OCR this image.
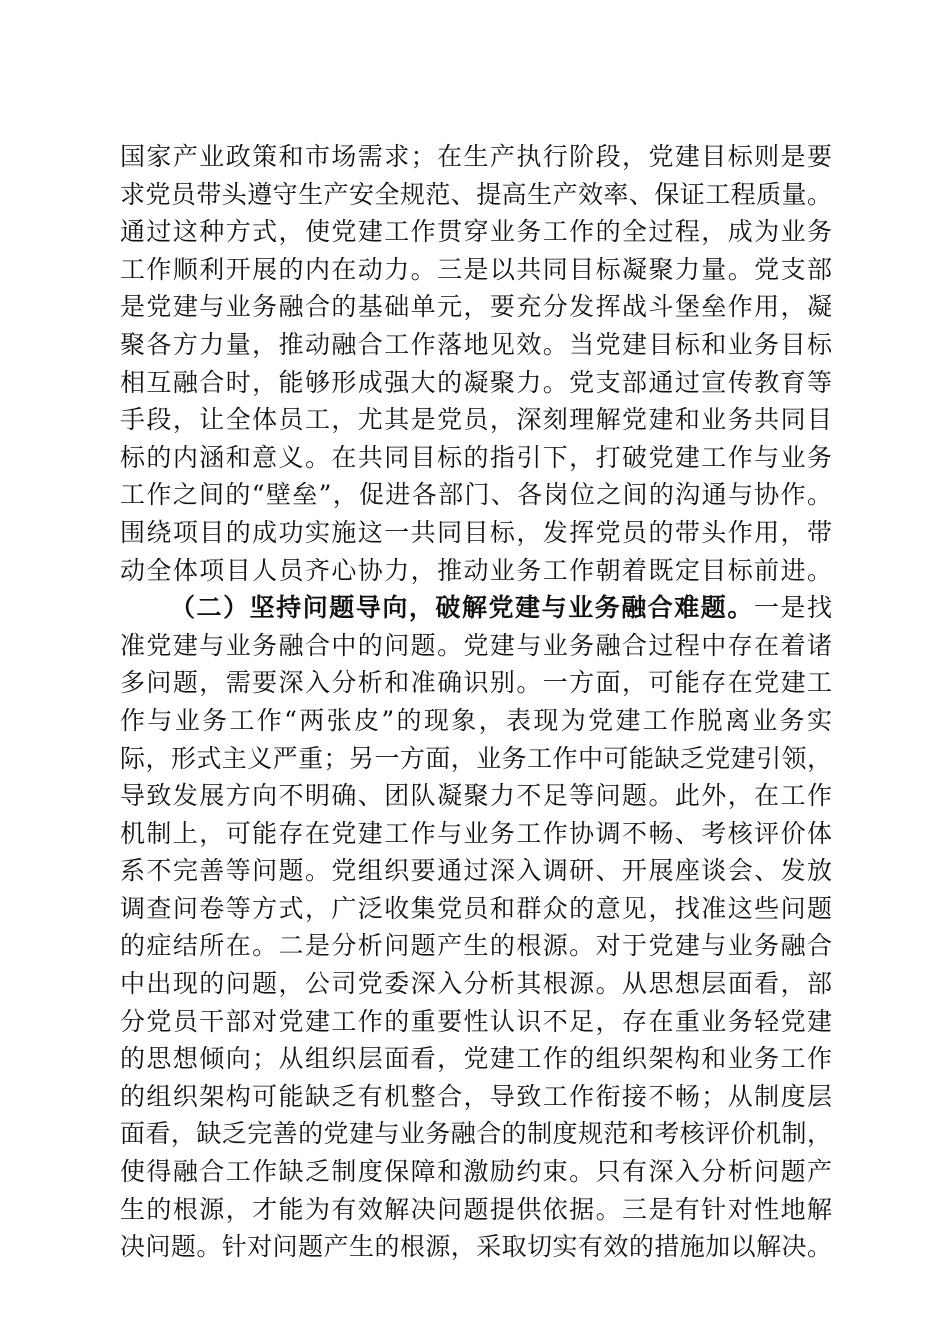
国家产业政策和市场需求；在生产执行阶段，党建目标则是要
求党员带头遵守生产安全规范、提高生产效率、保证工程质量。
通过这种方式，使党建工作贯穿业务工作的全过程，成为业务
工作顺利开展的内在动力。三是以共同目标凝聚力量。党支部
是党建与业务融合的基础单元，要充分发挥战斗堡垒作用，凝
聚各方力量，推动融合工作落地见效。当党建目标和业务目标
相互融合时，能够形成强大的凝聚力。党支部通过宣传教育等
手段，让全体员工，尤其是党员，深刻理解党建和业务共同目
标的内涵和意义。在共同目标的指引下，打破党建工作与业务
工作之间的“壁垒”，促进各部门、各岗位之间的沟通与协作。
围绕项目的成功实施这一共同目标，发挥党员的带头作用，带
动全体项目人员齐心协力，推动业务工作朝着既定目标前进。
（二）坚持问题导向，破解党建与业务融合难题。一是找
准党建与业务融合中的问题。党建与业务融合过程中存在着诸
多问题，需要深入分析和准确识别。一方面，可能存在党建工
作与业务工作“两张皮”的现象，表现为党建工作脱离业务实
际，形式主义严重；另一方面，业务工作中可能缺乏党建引领，
导致发展方向不明确、团队凝聚力不足等问题。此外，在工作
机制上，可能存在党建工作与业务工作协调不畅、考核评价体
系不完善等问题。党组织要通过深入调研、开展座谈会、发放
调查问卷等方式，广泛收集党员和群众的意见，找准这些问题
的症结所在。二是分析问题产生的根源。对于党建与业务融合
中出现的问题，公司党委深入分析其根源。从思想层面看，部
分党员干部对党建工作的重要性认识不足，存在重业务轻党建
的思想倾向；从组织层面看，党建工作的组织架构和业务工作
的组织架构可能缺乏有机整合，导致工作衔接不畅；从制度层
面看，缺乏完善的党建与业务融合的制度规范和考核评价机制，
使得融合工作缺乏制度保障和激励约束。只有深入分析问题产
生的根源，才能为有效解决问题提供依据。三是有针对性地解
决问题。针对问题产生的根源，采取切实有效的措施加以解决。
